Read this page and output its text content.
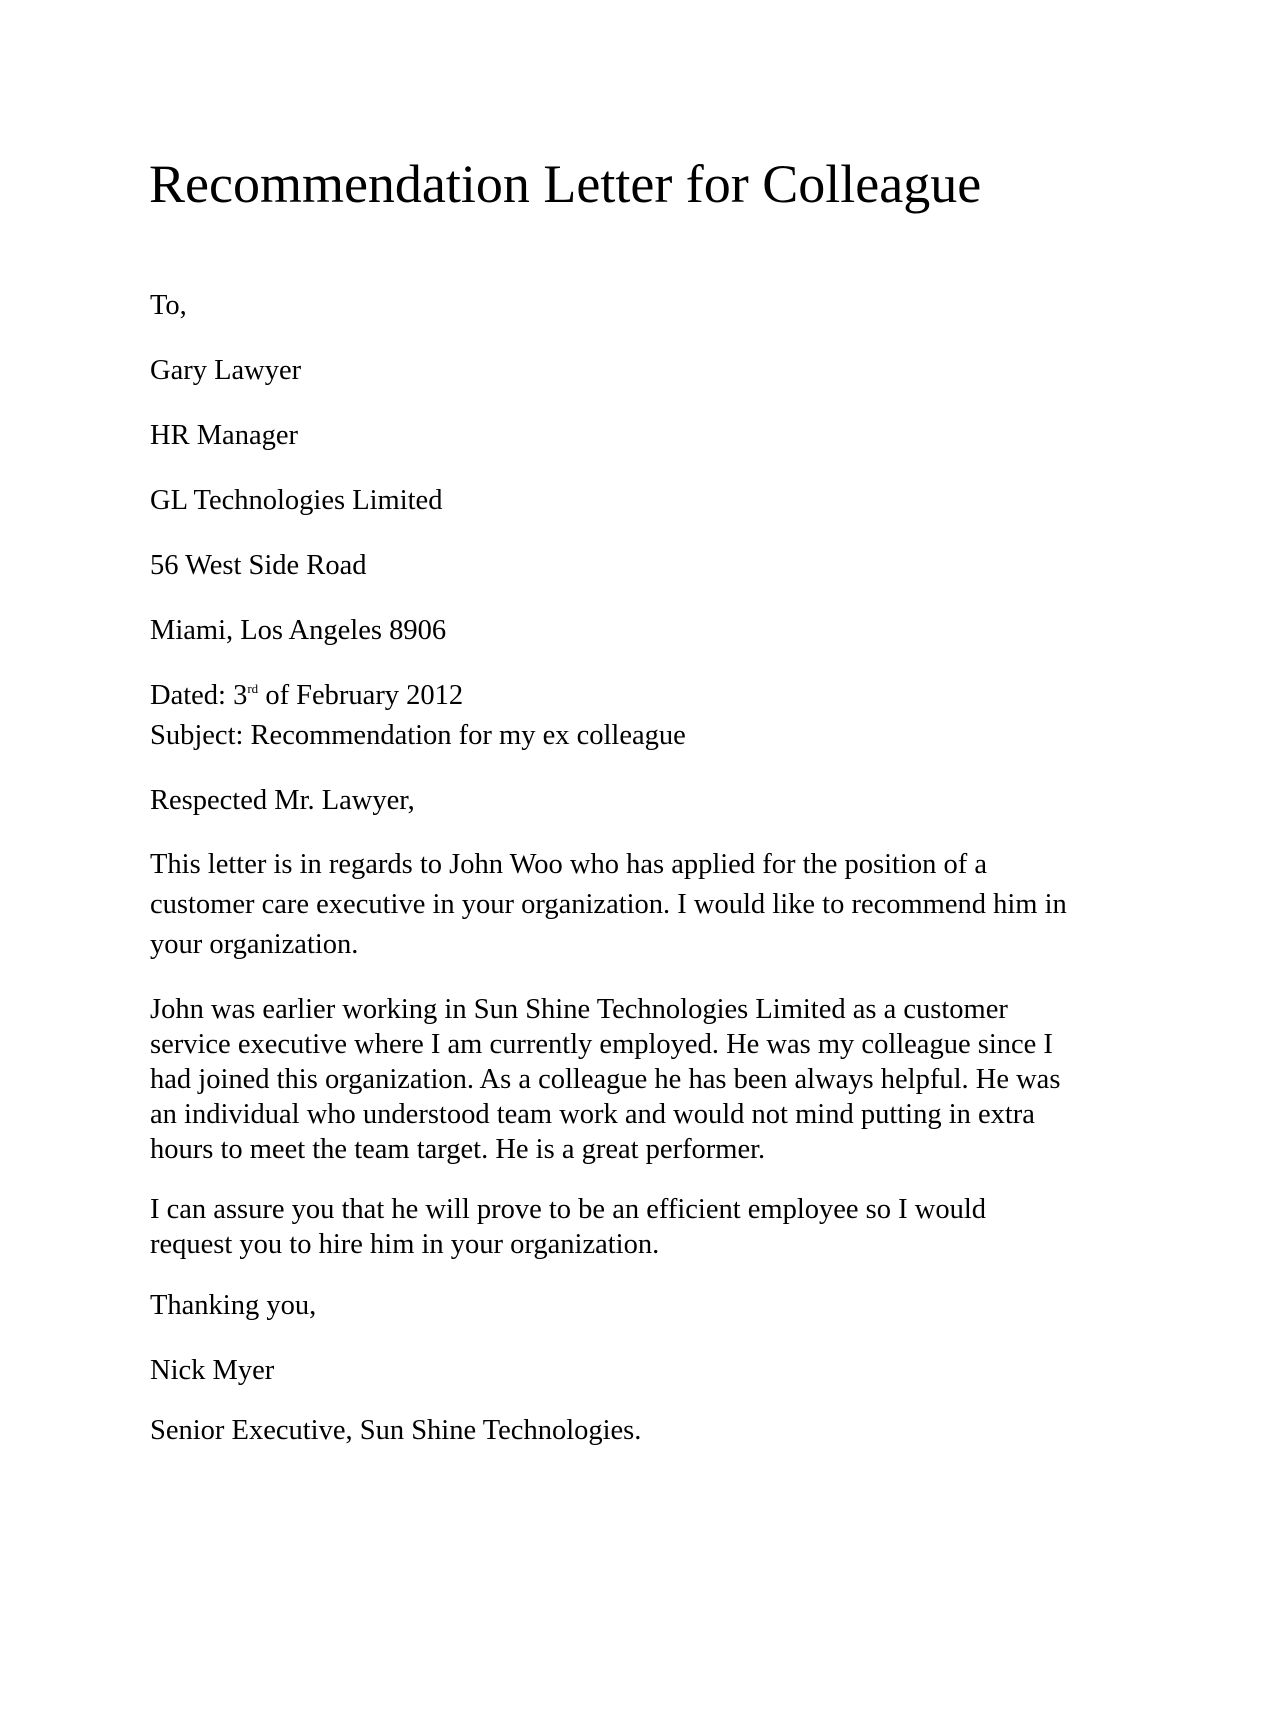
Recommendation Letter for Colleague

To,

Gary Lawyer

HR Manager

GL Technologies Limited

56 West Side Road

Miami, Los Angeles 8906

Dated: 3rd of February 2012

Subject: Recommendation for my ex colleague

Respected Mr. Lawyer,

This letter is in regards to John Woo who has applied for the position of a
customer care executive in your organization. I would like to recommend him in
your organization.
John was earlier working in Sun Shine Technologies Limited as a customer
service executive where I am currently employed. He was my colleague since I
had joined this organization. As a colleague he has been always helpful. He was
an individual who understood team work and would not mind putting in extra
hours to meet the team target. He is a great performer.
I can assure you that he will prove to be an efficient employee so I would
request you to hire him in your organization.

Thanking you,

Nick Myer

Senior Executive, Sun Shine Technologies.
